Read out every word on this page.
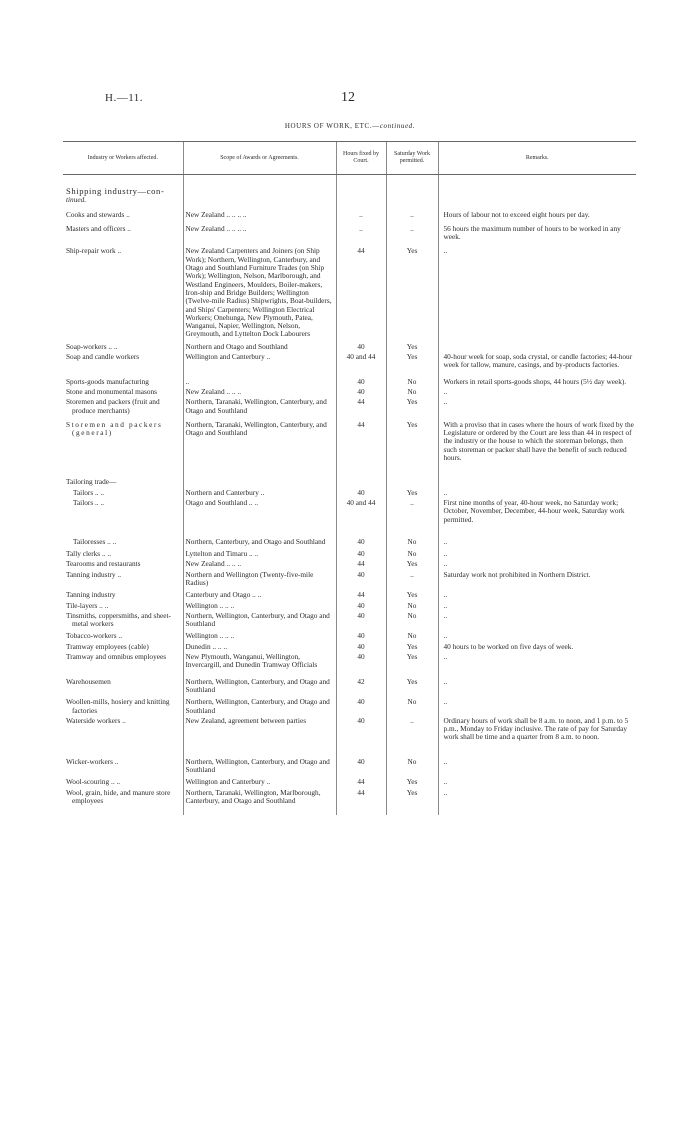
H.—11.	12
HOURS OF WORK, ETC.—continued.
Industry or Workers affected.	Scope of Awards or Agreements.	Hours fixed by Court.	Saturday Work permitted.	Remarks.

Shipping industry—con-
tinued.				

Cooks and stewards ..	New Zealand .. .. .. ..	..	..	Hours of labour not to exceed eight hours per day.

Masters and officers ..	New Zealand .. .. .. ..	..	..	56 hours the maximum number of hours to be worked in any week.

Ship-repair work ..	New Zealand Carpenters and Joiners (on Ship Work); Northern, Wellington, Canterbury, and Otago and Southland Furniture Trades (on Ship Work); Wellington, Nelson, Marlborough, and Westland Engineers, Moulders, Boiler-makers, Iron-ship and Bridge Builders; Wellington (Twelve-mile Radius) Shipwrights, Boat-builders, and Ships' Carpenters; Wellington Electrical Workers; Onehunga, New Plymouth, Patea, Wanganui, Napier, Wellington, Nelson, Greymouth, and Lyttelton Dock Labourers	44	Yes	..

Soap-workers .. ..	Northern and Otago and Southland	40	Yes	

Soap and candle workers	Wellington and Canterbury ..	40 and 44	Yes	40-hour week for soap, soda crystal, or candle factories; 44-hour week for tallow, manure, casings, and by-products factories.

Sports-goods manufacturing	..	40	No	Workers in retail sports-goods shops, 44 hours (5½ day week).

Stone and monumental masons	New Zealand .. .. ..	40	No	..

Storemen and packers (fruit and produce merchants)	Northern, Taranaki, Wellington, Canterbury, and Otago and Southland	44	Yes	..

Storemen and packers (general)	Northern, Taranaki, Wellington, Canterbury, and Otago and Southland	44	Yes	With a proviso that in cases where the hours of work fixed by the Legislature or ordered by the Court are less than 44 in respect of the industry or the house to which the storeman belongs, then such storeman or packer shall have the benefit of such reduced hours.

Tailoring trade—				

Tailors .. ..	Northern and Canterbury ..	40	Yes	..

Tailors .. ..	Otago and Southland .. ..	40 and 44	..	First nine months of year, 40-hour week, no Saturday work; October, November, December, 44-hour week, Saturday work permitted.

Tailoresses .. ..	Northern, Canterbury, and Otago and Southland	40	No	..

Tally clerks .. ..	Lyttelton and Timaru .. ..	40	No	..

Tearooms and restaurants	New Zealand .. .. ..	44	Yes	..

Tanning industry ..	Northern and Wellington (Twenty-five-mile Radius)	40	..	Saturday work not prohibited in Northern District.

Tanning industry	Canterbury and Otago .. ..	44	Yes	..

Tile-layers .. ..	Wellington .. .. ..	40	No	..

Tinsmiths, coppersmiths, and sheet-metal workers	Northern, Wellington, Canterbury, and Otago and Southland	40	No	..

Tobacco-workers ..	Wellington .. .. ..	40	No	..

Tramway employees (cable)	Dunedin .. .. ..	40	Yes	40 hours to be worked on five days of week.

Tramway and omnibus employees	New Plymouth, Wanganui, Wellington, Invercargill, and Dunedin Tramway Officials	40	Yes	..

Warehousemen	Northern, Wellington, Canterbury, and Otago and Southland	42	Yes	..

Woollen-mills, hosiery and knitting factories	Northern, Wellington, Canterbury, and Otago and Southland	40	No	..

Waterside workers ..	New Zealand, agreement between parties	40	..	Ordinary hours of work shall be 8 a.m. to noon, and 1 p.m. to 5 p.m., Monday to Friday inclusive. The rate of pay for Saturday work shall be time and a quarter from 8 a.m. to noon.

Wicker-workers ..	Northern, Wellington, Canterbury, and Otago and Southland	40	No	..

Wool-scouring .. ..	Wellington and Canterbury ..	44	Yes	..

Wool, grain, hide, and manure store employees	Northern, Taranaki, Wellington, Marlborough, Canterbury, and Otago and Southland	44	Yes	..
